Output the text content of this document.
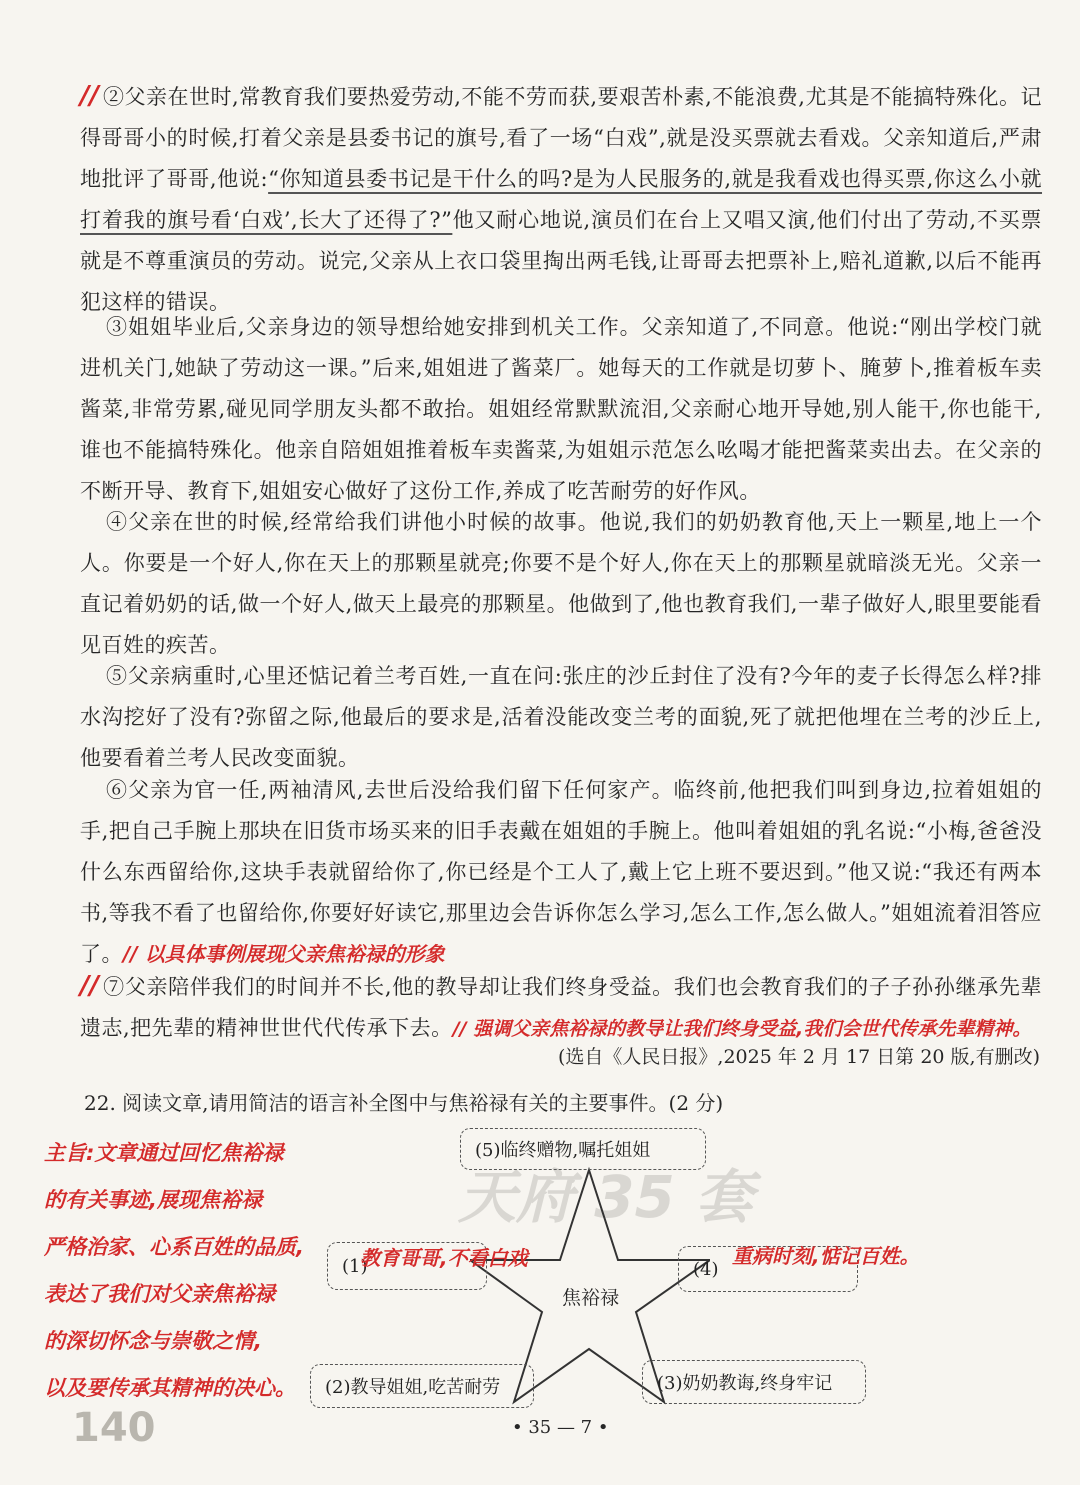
// ②父亲在世时,常教育我们要热爱劳动,不能不劳而获,要艰苦朴素,不能浪费,尤其是不能搞特殊化。记得哥哥小的时候,打着父亲是县委书记的旗号,看了一场“白戏”,就是没买票就去看戏。父亲知道后,严肃地批评了哥哥,他说:“你知道县委书记是干什么的吗?是为人民服务的,就是我看戏也得买票,你这么小就打着我的旗号看‘白戏’,长大了还得了?”他又耐心地说,演员们在台上又唱又演,他们付出了劳动,不买票就是不尊重演员的劳动。说完,父亲从上衣口袋里掏出两毛钱,让哥哥去把票补上,赔礼道歉,以后不能再犯这样的错误。
③姐姐毕业后,父亲身边的领导想给她安排到机关工作。父亲知道了,不同意。他说:“刚出学校门就进机关门,她缺了劳动这一课。”后来,姐姐进了酱菜厂。她每天的工作就是切萝卜、腌萝卜,推着板车卖酱菜,非常劳累,碰见同学朋友头都不敢抬。姐姐经常默默流泪,父亲耐心地开导她,别人能干,你也能干,谁也不能搞特殊化。他亲自陪姐姐推着板车卖酱菜,为姐姐示范怎么吆喝才能把酱菜卖出去。在父亲的不断开导、教育下,姐姐安心做好了这份工作,养成了吃苦耐劳的好作风。
④父亲在世的时候,经常给我们讲他小时候的故事。他说,我们的奶奶教育他,天上一颗星,地上一个人。你要是一个好人,你在天上的那颗星就亮;你要不是个好人,你在天上的那颗星就暗淡无光。父亲一直记着奶奶的话,做一个好人,做天上最亮的那颗星。他做到了,他也教育我们,一辈子做好人,眼里要能看见百姓的疾苦。
⑤父亲病重时,心里还惦记着兰考百姓,一直在问:张庄的沙丘封住了没有?今年的麦子长得怎么样?排水沟挖好了没有?弥留之际,他最后的要求是,活着没能改变兰考的面貌,死了就把他埋在兰考的沙丘上,他要看着兰考人民改变面貌。
⑥父亲为官一任,两袖清风,去世后没给我们留下任何家产。临终前,他把我们叫到身边,拉着姐姐的手,把自己手腕上那块在旧货市场买来的旧手表戴在姐姐的手腕上。他叫着姐姐的乳名说:“小梅,爸爸没什么东西留给你,这块手表就留给你了,你已经是个工人了,戴上它上班不要迟到。”他又说:“我还有两本书,等我不看了也留给你,你要好好读它,那里边会告诉你怎么学习,怎么工作,怎么做人。”姐姐流着泪答应了。// 以具体事例展现父亲焦裕禄的形象
// ⑦父亲陪伴我们的时间并不长,他的教导却让我们终身受益。我们也会教育我们的子子孙孙继承先辈遗志,把先辈的精神世世代代传承下去。// 强调父亲焦裕禄的教导让我们终身受益,我们会世代传承先辈精神。
(选自《人民日报》,2025 年 2 月 17 日第 20 版,有删改)
22. 阅读文章,请用简洁的语言补全图中与焦裕禄有关的主要事件。(2 分)
主旨:文章通过回忆焦裕禄
的有关事迹,展现焦裕禄
严格治家、心系百姓的品质,
表达了我们对父亲焦裕禄
的深切怀念与崇敬之情,
以及要传承其精神的决心。
天府 35 套
焦裕禄
(5)临终赠物,嘱托姐姐
(1)
教育哥哥,不看白戏	(4)
重病时刻,惦记百姓。
(2)教导姐姐,吃苦耐劳	(3)奶奶教诲,终身牢记
140	• 35 — 7 •
